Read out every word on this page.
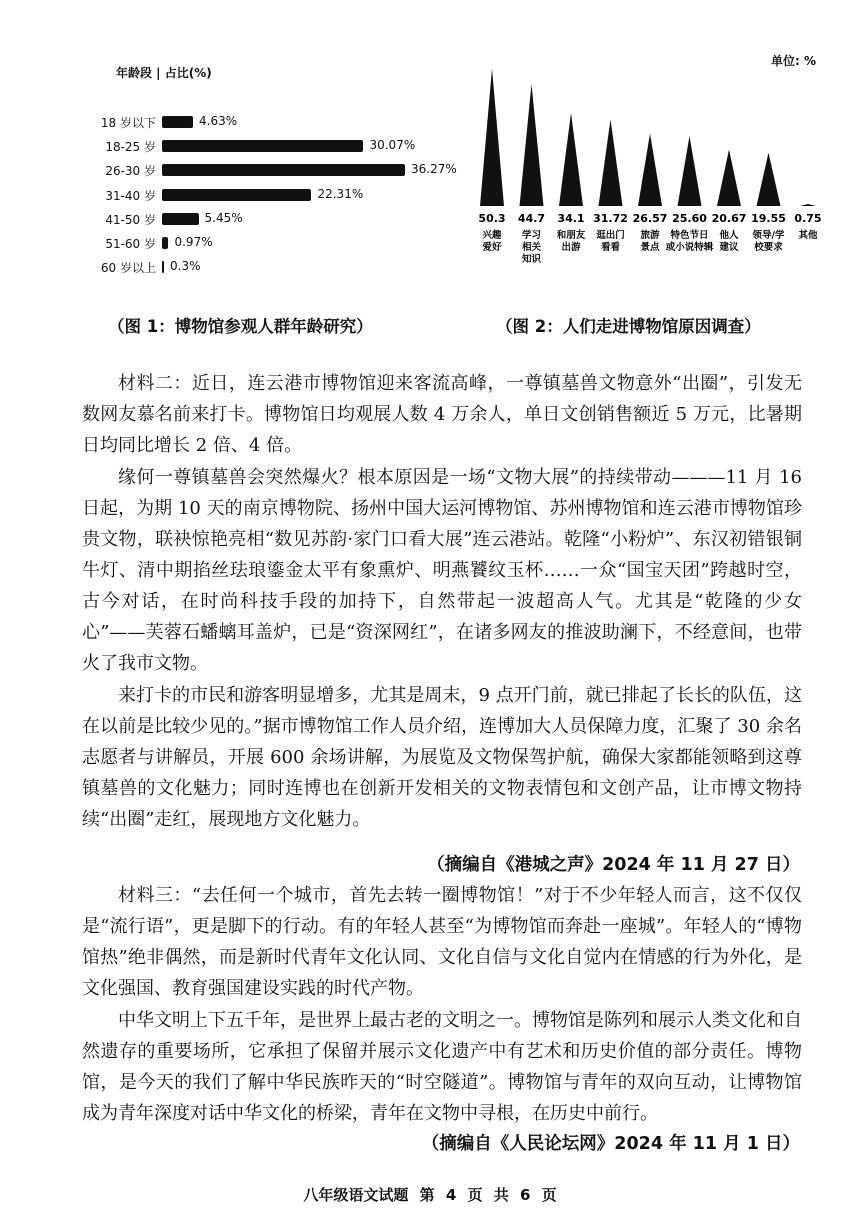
年龄段 | 占比(%)
18 岁以下	4.63%
18-25 岁	30.07%
26-30 岁	36.27%
31-40 岁	22.31%
41-50 岁	5.45%
51-60 岁 0.97%
60 岁以上 0.3%
单位: %
50.3
兴趣爱好
44.7
学习相关知识
34.1
和朋友出游
31.72
逛出门看看
26.57
旅游景点
25.60
特色节日或小说特辑
20.67
他人建议
19.55
领导/学校要求
0.75
其他
（图 1：博物馆参观人群年龄研究）	（图 2：人们走进博物馆原因调查）

材料二：近日，连云港市博物馆迎来客流高峰，一尊镇墓兽文物意外“出圈”，引发无数网友慕名前来打卡。博物馆日均观展人数 4 万余人，单日文创销售额近 5 万元，比暑期日均同比增长 2 倍、4 倍。

缘何一尊镇墓兽会突然爆火？根本原因是一场“文物大展”的持续带动———11 月 16 日起，为期 10 天的南京博物院、扬州中国大运河博物馆、苏州博物馆和连云港市博物馆珍贵文物，联袂惊艳亮相“数见苏韵·家门口看大展”连云港站。乾隆“小粉炉”、东汉初错银铜牛灯、清中期掐丝珐琅鎏金太平有象熏炉、明燕饕纹玉杯……一众“国宝天团”跨越时空，古今对话，在时尚科技手段的加持下，自然带起一波超高人气。尤其是“乾隆的少女心”——芙蓉石蟠螭耳盖炉，已是“资深网红”，在诸多网友的推波助澜下，不经意间，也带火了我市文物。

来打卡的市民和游客明显增多，尤其是周末，9 点开门前，就已排起了长长的队伍，这在以前是比较少见的。”据市博物馆工作人员介绍，连博加大人员保障力度，汇聚了 30 余名志愿者与讲解员，开展 600 余场讲解，为展览及文物保驾护航，确保大家都能领略到这尊镇墓兽的文化魅力；同时连博也在创新开发相关的文物表情包和文创产品，让市博文物持续“出圈”走红，展现地方文化魅力。

（摘编自《港城之声》2024 年 11 月 27 日）

材料三：“去任何一个城市，首先去转一圈博物馆！”对于不少年轻人而言，这不仅仅是“流行语”，更是脚下的行动。有的年轻人甚至“为博物馆而奔赴一座城”。年轻人的“博物馆热”绝非偶然，而是新时代青年文化认同、文化自信与文化自觉内在情感的行为外化，是文化强国、教育强国建设实践的时代产物。

中华文明上下五千年，是世界上最古老的文明之一。博物馆是陈列和展示人类文化和自然遗存的重要场所，它承担了保留并展示文化遗产中有艺术和历史价值的部分责任。博物馆，是今天的我们了解中华民族昨天的“时空隧道”。博物馆与青年的双向互动，让博物馆成为青年深度对话中华文化的桥梁，青年在文物中寻根，在历史中前行。

（摘编自《人民论坛网》2024 年 11 月 1 日）
八年级语文试题 第 4 页 共 6 页
